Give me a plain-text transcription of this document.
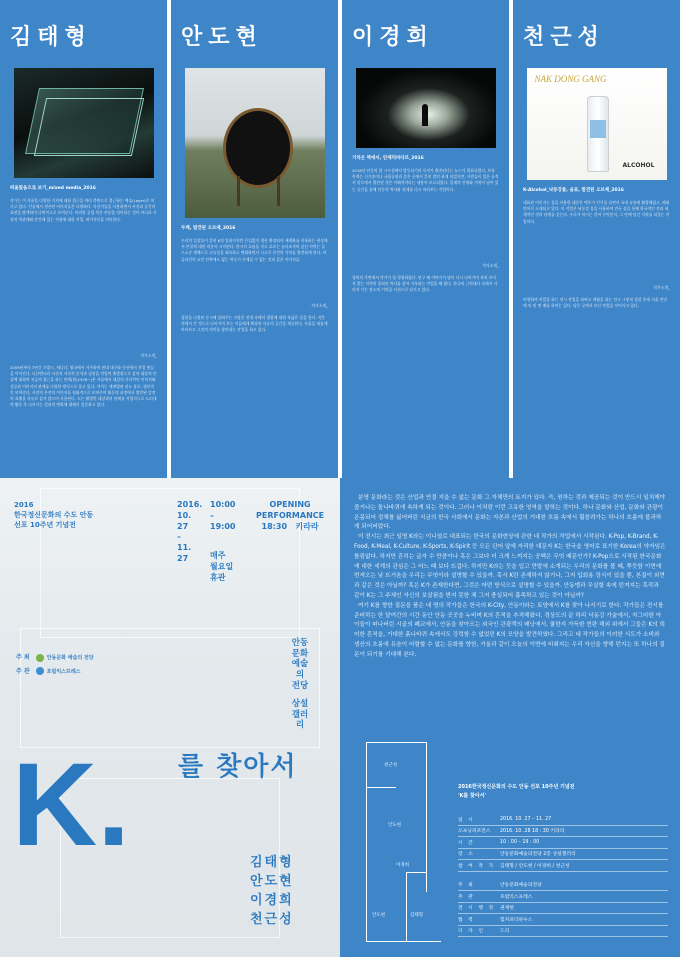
김태형
떠올랐음으로 보기_mixed media_2016
작가는 이 작품을 다양한 기지에 대한 접근을 여러 측면으로 접근하는 예술(Layer)로 여기고 있다. 인물에서 생산된 이미지들은 다양하다. 사진가들을 사용하면서 사진과 공간의 표현을 탐색하며 다변적으로 보여준다. 이러한 공업 북은 부분을 의미하는 것이 아니라 사진의 역관계와 층간에 있는 지점에 대한 작업, 허가지신을 의미한다.
작가소개_
2009년부터 7년간 프랑스, 캐나다, 영국에서 거주하며 현대 대구와 동산에서 작업 현실을 이어간다. 다큐멘터리 사진의 사각적 분석과 실험을 작업의 출발점으로 삼아 대상의 본질에 대하여 지금의 접근을 하는 단계(현(1976~)은 사물에서 대상의 사각적인 이미지와 성공된 이미지의 관계를 다양한 방식으로 풀고 있다. 작가는 재개발된 관도 통로, 생산적인 보여준다. 사진의 본전의 이미지를 원화적으로 보여주며 활동의 과정에서 발전된 감정의 표출을 자유로 삼지 않으며 사용된다. 도는 활발한 대상과의 관계를 작업적으로 드러내며 활동 후 나아가는 성과의 변화에 대해서 질문하고 있다.
안도현
두께, 발견된 오브제_2016
우리의 일상들이 흔히 K의 일원이지만 끈임없이 생산 확장되어 세계화를 이룩하는 현상에서 본질에 대한 의문이 시작된다. 한시적 흐름을 지고 흐르는 유리조직의 낯선 지역는 들으소중 계체으로 고유성을 회복하고 변화하면서 시고로 본전의 가치를 발견하게 한다. 마들리인의 요인 안쪽에도 없는 역동기 존재일 수 없는 것과 같은 이미지들.
작가소개_
집합을 나열된 동시에 알려주는 수많은 전개 속에서 결합에 대한 폭넓은 질을 한다. 작은 것에서 큰 것으로 나아가며 보는 이들에게 확장된 사유의 공간을 제공한다. 사물을 새롭게 바라보고 그것의 의미를 찾아내는 작업을 하고 있다.
이경희
기억은 벽에서, 안제덕바다르_2016
2016년 안동의 한 시우설에서 발동되기의 목적가 출전된다는 뉴스가 발표되었다. 보통 학계는 신기술이나 국립공원과 같은 곳에서 흔히 발견 하게 되었지만, 사람들이 일은 유적지 말로에서 발견된 것은 이례적이라는 내용이 보도되었다. 일제의 잔재와 기억이 남아 있는 공간을 통해 안동의 역사와 현재를 다시 바라보는 작업이다.
작가소개_
경북의 주변에서 작가가 될 경험하였다. 연구 때 이야기가 많이 다시 나아가며 특히 보이지 않는 지역의 잊혀진 역사를 찾아 기록하는 작업을 해 왔다. 한국의 근현대사 속에서 사라져 가는 장소의 기억을 사진으로 남기고 있다.
천근성
NAK DONG GANG
ALCOHOL
K-Alcohol_낙동강물, 음료, 발견된 오브제_2016
대표된 이미지는 물을 사용한 대중은 맥주가 인기를 끌면서 국내 유통에 활발해졌고, 해외 언어로 소개되고 있다. 이 작업은 낙동강 물을 사용하여 만든 술을 통해 한국적인 것과 세계적인 것의 관계를 묻는다. 우리가 마시는 것이 무엇인지, 그 안에 담긴 가치를 되묻는 작업이다.
작가소개_
이형하며 작업을 하는 전시 작업을 하여고 개월을 하는 전시 그렇게 칠할 후에 서울 빈만에 의 된 변 배를 하여는 있다. 남은 곳에서 보신 작업을 이어가고 있다.
2016
한국정신문화의 수도 안동
선포 10주년 기념전
2016.
10.
27
–
11.
27
10:00
–
19:00
매주
월요일
휴관
OPENING
PERFORMANCE
18:30 키라라
안동
문화
예술의
전당
상설
갤러리
주 최	안동문화 예술의 전당
주 관	포럼익스프레스
K. 를 찾아서
김태형
안도현
이경희
천근성

분명 문화라는 것은 산업과 연결 지을 수 없는 문화 그 자체만의 토지가 있다. 즉, 원하는 것과 제공되는 것이 반드시 일치해야 즐거나는 돌나바퀴에 속하게 되는 것이다. 그러나 이처럼 이런 고유한 영역을 말하는 것이다. 하나 문화와 산업, 문화와 관광이 온몸되어 정체를 잃어버린 지금의 한국 사회에서 문화는 자본과 산업의 거대한 흐름 속에서 휩쓸려가는 하나의 흐름에 불과하게 되어버렸다.

이 전시는 최근 일명 K라는 이니셜로 대표되는 한국의 문화현상에 관한 네 작가의 작업에서 시작된다. K-Pop, K-Brand, K-Food, K-Meal, K-Culture, K-Sports, K-Spirit 등 모든 단어 앞에 자리한 대문자 K는 한국을 영어로 표기한 Korea의 약자임은 틀림없다. 하지만 흔히는 글자 수 만큼이나 혹은 그보다 더 크게 느껴지는 공백은 무엇 때문인가? K-Pop으로 시작된 한국문화에 대한 세계의 관심은 그 어느 때 보다 뜨겁다. 하지만 K라는 듯을 입고 만발에 소개되는 우리의 문화를 볼 때, 뿌듯함 이면에 번져오는 낯 뜨거움을 우리는 무엇이라 설명할 수 있을까. 혹시 K란 존재하지 않거나, 그저 입회용 장식이 있을 뿐, 본질이 외면과 같은 것은 아닐까? 혹은 K가 존재한다면, 그것은 어떤 방식으로 설명할 수 있을까. 안동맹과 무실할 속에 던져지는 흑작과 같이 K는 그 주체인 자신의 보살핌을 받지 못한 채 그저 충실되어 흡족하고 있는 것이 아닐까?

여기 K를 향한 질문을 품은 네 명의 작가들은 한국의 K-City, 안동이라는 토양에서 K를 찾아 나서기로 한다. 작가들은 전시를 준비하는 한 달여간의 시간 동안 안동 곳곳을 누비며 K의 흔적을 추적해왔다. 경상도의 끝 하리 낙동강 가술에서, 자그마한 아이들이 떠나버린 시골의 폐교에서, 안동을 찾아오는 외국인 관광객의 배낭에서, 쿨한지 가득한 현판 해외 위에서 그들은 K의 희미한 흔적을, 거대한 흙나바퀴 속에서도 강력함 수 없었던 K의 모양을 발견하였다. 그리고 네 작가들의 이러한 시도가 소비와 생산의 흐름에 유숨이 어렴할 수 없는 문화를 향한, 거울과 같이 오늘의 이면에 비춰지는 우리 자신을 향해 던지는 또 하나의 질문이 되기를 기대해 본다.

천근성
안도현
이경희
안도현	김태형
2016한국정신문화의 수도 안동 선포 10주년 기념전
'K를 찾아서'
일 시	2016. 10. 27 – 11. 27
오프닝퍼포먼스	2016. 10. 28 18 : 30 키라라
시 간	10 : 00 – 19 : 00
장 소	안동문화예술의전당 2층 상설갤러리
참 여 작 가	김태형 / 안도현 / 이경희 / 천근성
주 최	안동문화예술의전당
주 관	포럼익스프레스
전 시 행 정	권재현
협 력	힐커피더하우스
디 자 인	드리
